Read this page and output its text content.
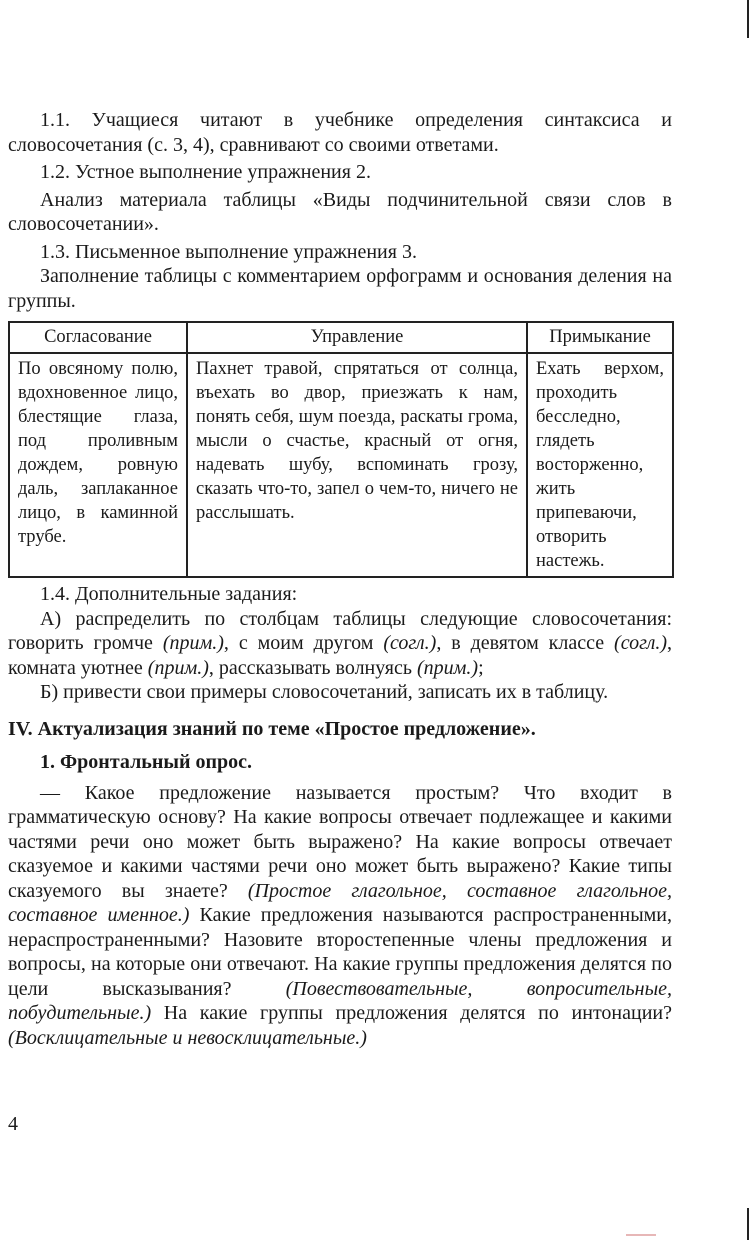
1.1. Учащиеся читают в учебнике определения синтаксиса и словосочетания (с. 3, 4), сравнивают со своими ответами.

1.2. Устное выполнение упражнения 2.

Анализ материала таблицы «Виды подчинительной связи слов в словосочетании».

1.3. Письменное выполнение упражнения 3.

Заполнение таблицы с комментарием орфограмм и основания деления на группы.

Согласование	Управление	Примыкание
По овсяному полю, вдохновенное лицо, блестящие глаза, под проливным дождем, ровную даль, заплаканное лицо, в каминной трубе.	Пахнет травой, спрятаться от солнца, въехать во двор, приезжать к нам, понять себя, шум поезда, раскаты грома, мысли о счастье, красный от огня, надевать шубу, вспоминать грозу, сказать что-то, запел о чем-то, ничего не расслышать.	Ехать верхом, проходить бесследно, глядеть восторженно, жить припеваючи, отворить настежь.

1.4. Дополнительные задания:

А) распределить по столбцам таблицы следующие словосочетания: говорить громче (прим.), с моим другом (согл.), в девятом классе (согл.), комната уютнее (прим.), рассказывать волнуясь (прим.);

Б) привести свои примеры словосочетаний, записать их в таблицу.

IV. Актуализация знаний по теме «Простое предложение».
1. Фронтальный опрос.

— Какое предложение называется простым? Что входит в грамматическую основу? На какие вопросы отвечает подлежащее и какими частями речи оно может быть выражено? На какие вопросы отвечает сказуемое и какими частями речи оно может быть выражено? Какие типы сказуемого вы знаете? (Простое глагольное, составное глагольное, составное именное.) Какие предложения называются распространенными, нераспространенными? Назовите второстепенные члены предложения и вопросы, на которые они отвечают. На какие группы предложения делятся по цели высказывания? (Повествовательные, вопросительные, побудительные.) На какие группы предложения делятся по интонации? (Восклицательные и невосклицательные.)

4
